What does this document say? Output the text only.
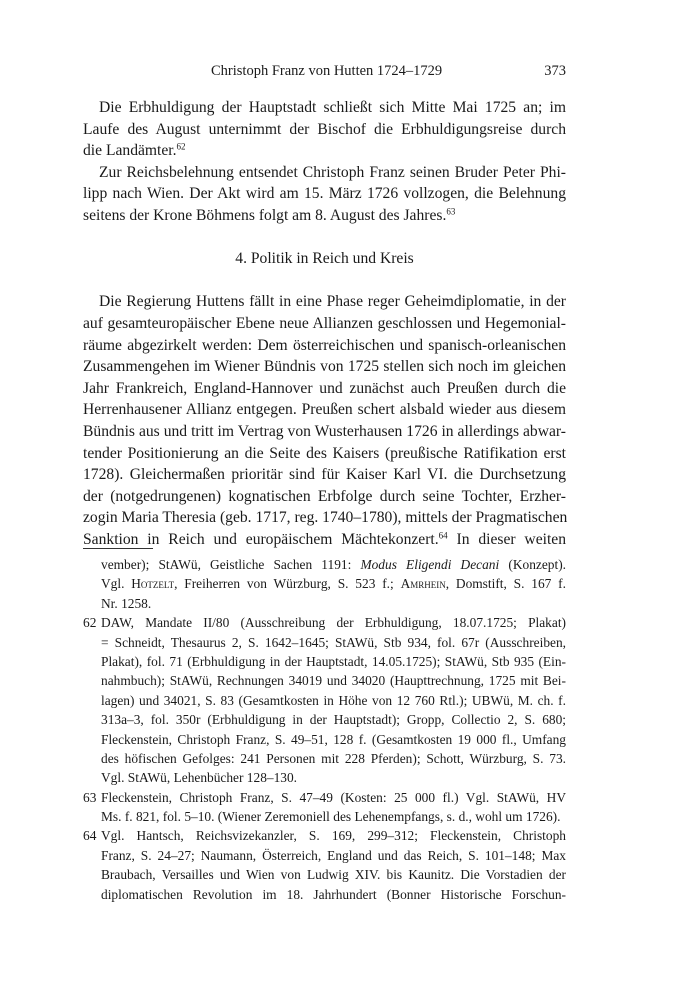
Christoph Franz von Hutten 1724–1729	373
Die Erbhuldigung der Hauptstadt schließt sich Mitte Mai 1725 an; im
Laufe des August unternimmt der Bischof die Erbhuldigungsreise durch
die Landämter.$^{62}$
Zur Reichsbelehnung entsendet Christoph Franz seinen Bruder Peter Phi-
lipp nach Wien. Der Akt wird am 15. März 1726 vollzogen, die Belehnung
seitens der Krone Böhmens folgt am 8. August des Jahres.$^{63}$
4. Politik in Reich und Kreis
Die Regierung Huttens fällt in eine Phase reger Geheimdiplomatie, in der
auf gesamteuropäischer Ebene neue Allianzen geschlossen und Hegemonial-
räume abgezirkelt werden: Dem österreichischen und spanisch-orleanischen
Zusammengehen im Wiener Bündnis von 1725 stellen sich noch im gleichen
Jahr Frankreich, England-Hannover und zunächst auch Preußen durch die
Herrenhausener Allianz entgegen. Preußen schert alsbald wieder aus diesem
Bündnis aus und tritt im Vertrag von Wusterhausen 1726 in allerdings abwar-
tender Positionierung an die Seite des Kaisers (preußische Ratifikation erst
1728). Gleichermaßen prioritär sind für Kaiser Karl VI. die Durchsetzung
der (notgedrungenen) kognatischen Erbfolge durch seine Tochter, Erzher-
zogin Maria Theresia (geb. 1717, reg. 1740–1780), mittels der Pragmatischen
Sanktion in Reich und europäischem Mächtekonzert.$^{64}$ In dieser weiten
vember); StAWü, Geistliche Sachen 1191: Modus Eligendi Decani (Konzept).
Vgl. Hotzelt, Freiherren von Würzburg, S. 523 f.; Amrhein, Domstift, S. 167 f.
Nr. 1258.
62 DAW, Mandate II/80 (Ausschreibung der Erbhuldigung, 18.07.1725; Plakat)
= Schneidt, Thesaurus 2, S. 1642–1645; StAWü, Stb 934, fol. 67r (Ausschreiben,
Plakat), fol. 71 (Erbhuldigung in der Hauptstadt, 14.05.1725); StAWü, Stb 935 (Ein-
nahmbuch); StAWü, Rechnungen 34019 und 34020 (Haupttrechnung, 1725 mit Bei-
lagen) und 34021, S. 83 (Gesamtkosten in Höhe von 12 760 Rtl.); UBWü, M. ch. f.
313a–3, fol. 350r (Erbhuldigung in der Hauptstadt); Gropp, Collectio 2, S. 680;
Fleckenstein, Christoph Franz, S. 49–51, 128 f. (Gesamtkosten 19 000 fl., Umfang
des höfischen Gefolges: 241 Personen mit 228 Pferden); Schott, Würzburg, S. 73.
Vgl. StAWü, Lehenbücher 128–130.
63 Fleckenstein, Christoph Franz, S. 47–49 (Kosten: 25 000 fl.) Vgl. StAWü, HV
Ms. f. 821, fol. 5–10. (Wiener Zeremoniell des Lehenempfangs, s. d., wohl um 1726).
64 Vgl. Hantsch, Reichsvizekanzler, S. 169, 299–312; Fleckenstein, Christoph
Franz, S. 24–27; Naumann, Österreich, England und das Reich, S. 101–148; Max
Braubach, Versailles und Wien von Ludwig XIV. bis Kaunitz. Die Vorstadien der
diplomatischen Revolution im 18. Jahrhundert (Bonner Historische Forschun-
